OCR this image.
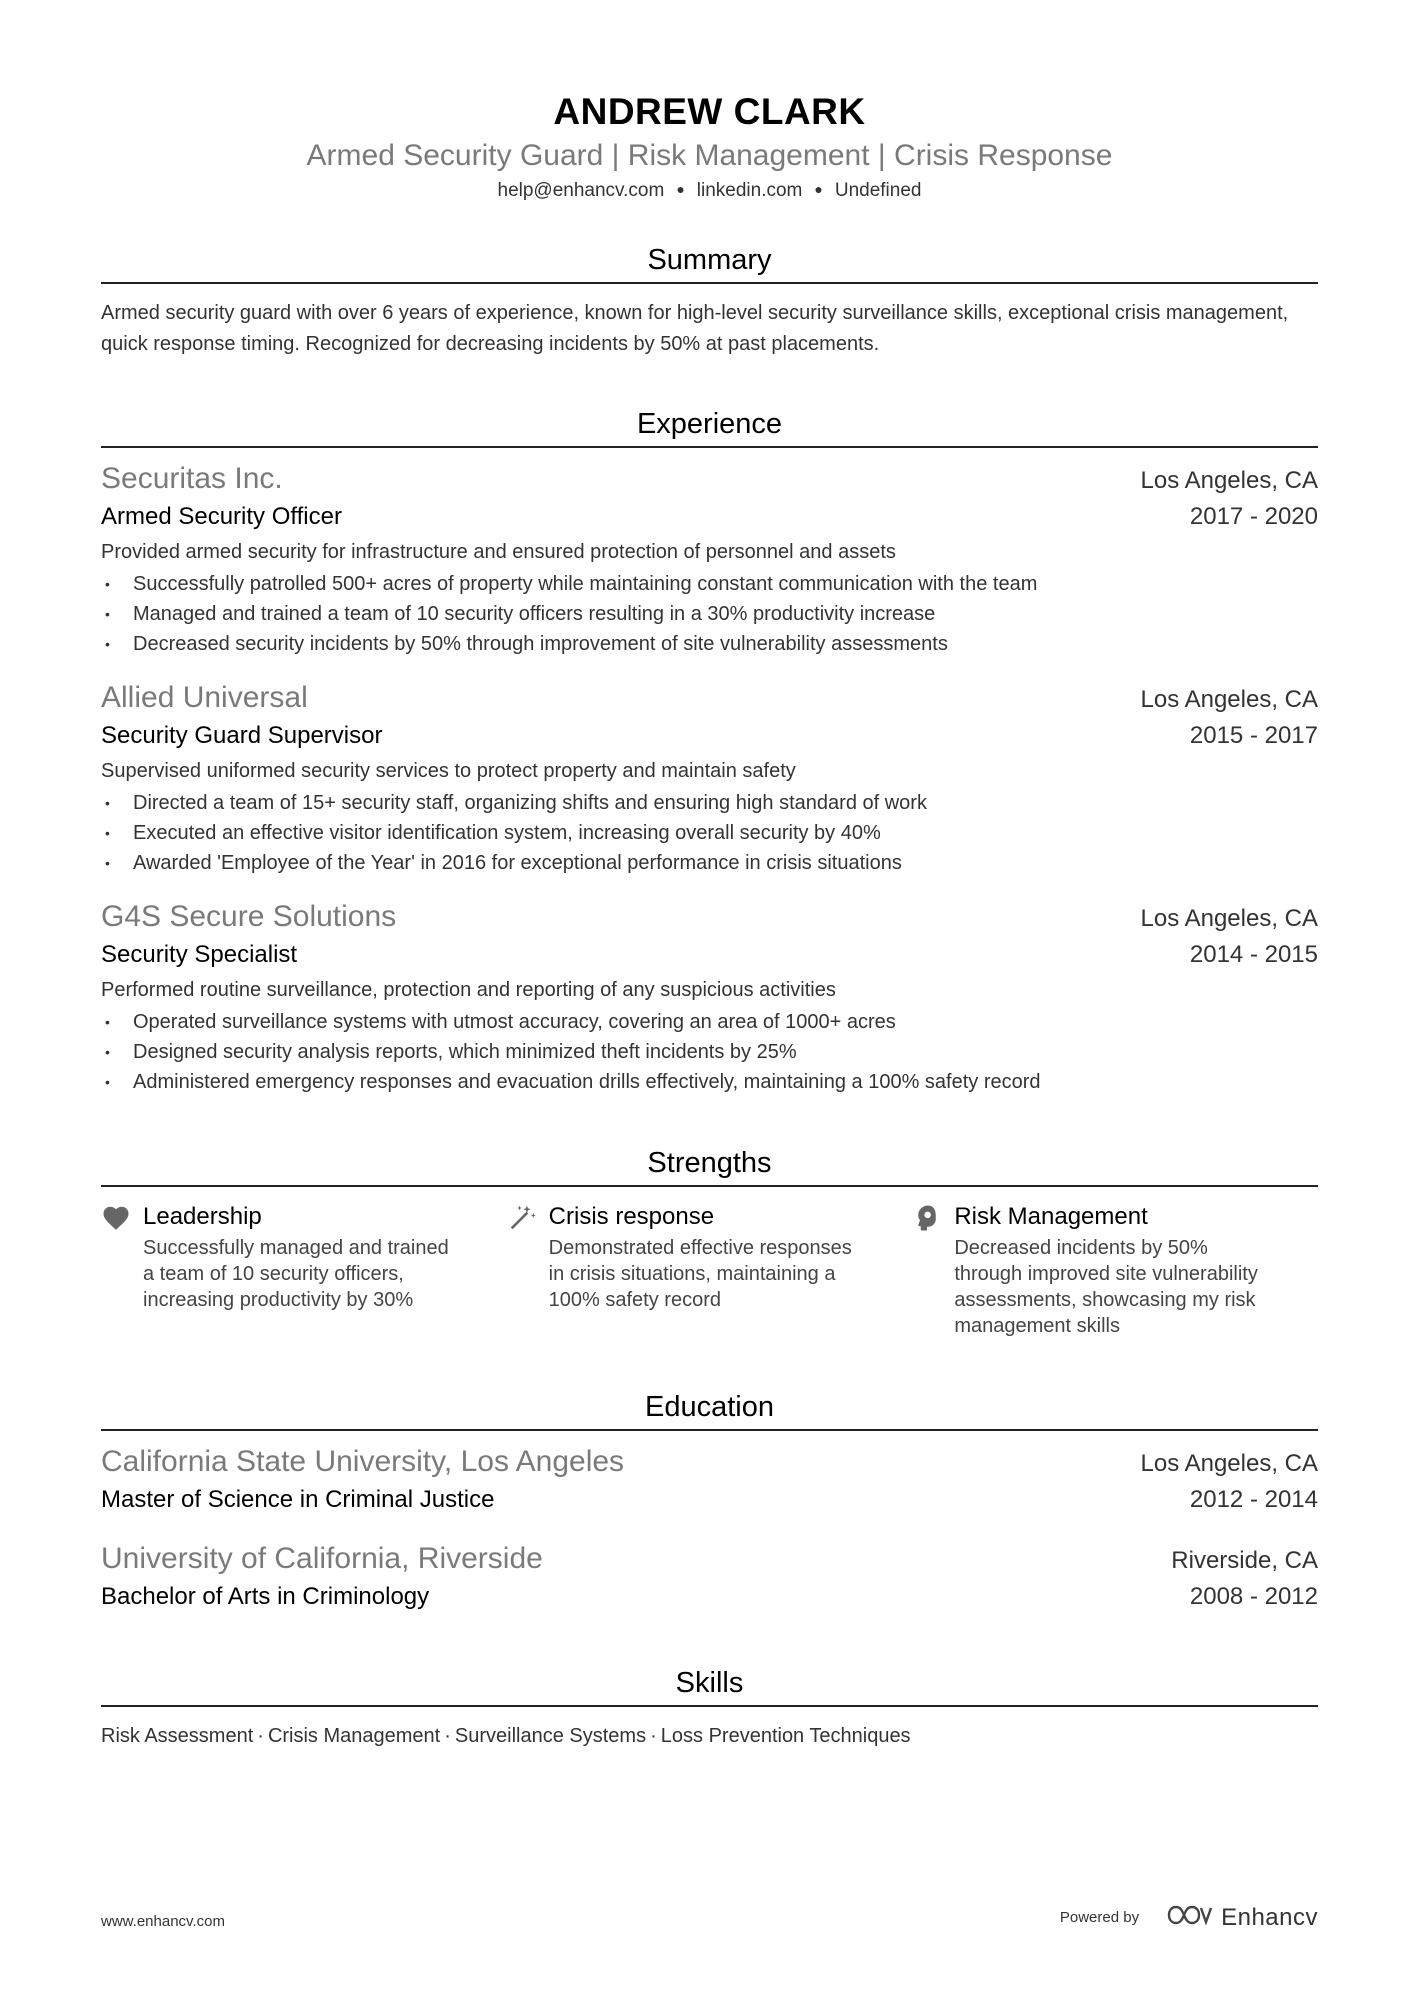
ANDREW CLARK
Armed Security Guard | Risk Management | Crisis Response
help@enhancv.com ● linkedin.com ● Undefined
Summary
Armed security guard with over 6 years of experience, known for high-level security surveillance skills, exceptional crisis management, quick response timing. Recognized for decreasing incidents by 50% at past placements.
Experience
Securitas Inc.	Los Angeles, CA
Armed Security Officer	2017 - 2020
Provided armed security for infrastructure and ensured protection of personnel and assets
• Successfully patrolled 500+ acres of property while maintaining constant communication with the team
• Managed and trained a team of 10 security officers resulting in a 30% productivity increase
• Decreased security incidents by 50% through improvement of site vulnerability assessments
Allied Universal	Los Angeles, CA
Security Guard Supervisor	2015 - 2017
Supervised uniformed security services to protect property and maintain safety
• Directed a team of 15+ security staff, organizing shifts and ensuring high standard of work
• Executed an effective visitor identification system, increasing overall security by 40%
• Awarded 'Employee of the Year' in 2016 for exceptional performance in crisis situations
G4S Secure Solutions	Los Angeles, CA
Security Specialist	2014 - 2015
Performed routine surveillance, protection and reporting of any suspicious activities
• Operated surveillance systems with utmost accuracy, covering an area of 1000+ acres
• Designed security analysis reports, which minimized theft incidents by 25%
• Administered emergency responses and evacuation drills effectively, maintaining a 100% safety record
Strengths
Leadership
Successfully managed and trained a team of 10 security officers, increasing productivity by 30%
Crisis response
Demonstrated effective responses in crisis situations, maintaining a 100% safety record
Risk Management
Decreased incidents by 50% through improved site vulnerability assessments, showcasing my risk management skills
Education
California State University, Los Angeles	Los Angeles, CA
Master of Science in Criminal Justice	2012 - 2014
University of California, Riverside	Riverside, CA
Bachelor of Arts in Criminology	2008 - 2012
Skills
Risk Assessment · Crisis Management · Surveillance Systems · Loss Prevention Techniques
www.enhancv.com	Powered by	Enhancv
